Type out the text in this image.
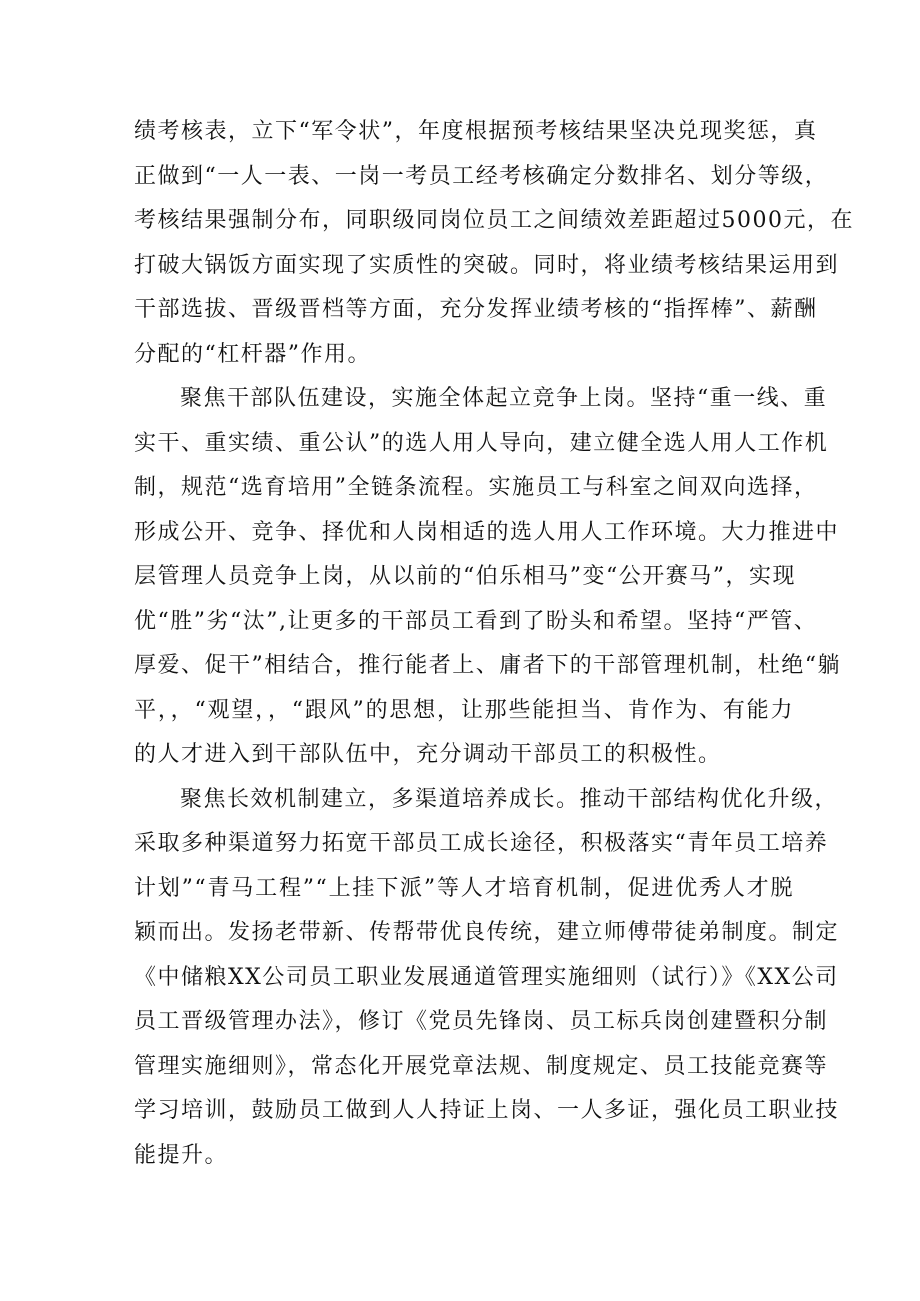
绩考核表，立下“军令状”，年度根据预考核结果坚决兑现奖惩，真
正做到“一人一表、一岗一考员工经考核确定分数排名、划分等级，
考核结果强制分布，同职级同岗位员工之间绩效差距超过5000元，在
打破大锅饭方面实现了实质性的突破。同时，将业绩考核结果运用到
干部选拔、晋级晋档等方面，充分发挥业绩考核的“指挥棒”、薪酬
分配的“杠杆器”作用。
聚焦干部队伍建设，实施全体起立竞争上岗。坚持“重一线、重
实干、重实绩、重公认”的选人用人导向，建立健全选人用人工作机
制，规范“选育培用”全链条流程。实施员工与科室之间双向选择，
形成公开、竞争、择优和人岗相适的选人用人工作环境。大力推进中
层管理人员竞争上岗，从以前的“伯乐相马”变“公开赛马”，实现
优“胜”劣“汰”,让更多的干部员工看到了盼头和希望。坚持“严管、
厚爱、促干”相结合，推行能者上、庸者下的干部管理机制，杜绝“躺
平，，“观望，，“跟风”的思想，让那些能担当、肯作为、有能力
的人才进入到干部队伍中，充分调动干部员工的积极性。
聚焦长效机制建立，多渠道培养成长。推动干部结构优化升级，
采取多种渠道努力拓宽干部员工成长途径，积极落实“青年员工培养
计划”“青马工程”“上挂下派”等人才培育机制，促进优秀人才脱
颖而出。发扬老带新、传帮带优良传统，建立师傅带徒弟制度。制定
《中储粮XX公司员工职业发展通道管理实施细则（试行）》《XX公司
员工晋级管理办法》，修订《党员先锋岗、员工标兵岗创建暨积分制
管理实施细则》，常态化开展党章法规、制度规定、员工技能竞赛等
学习培训，鼓励员工做到人人持证上岗、一人多证，强化员工职业技
能提升。
